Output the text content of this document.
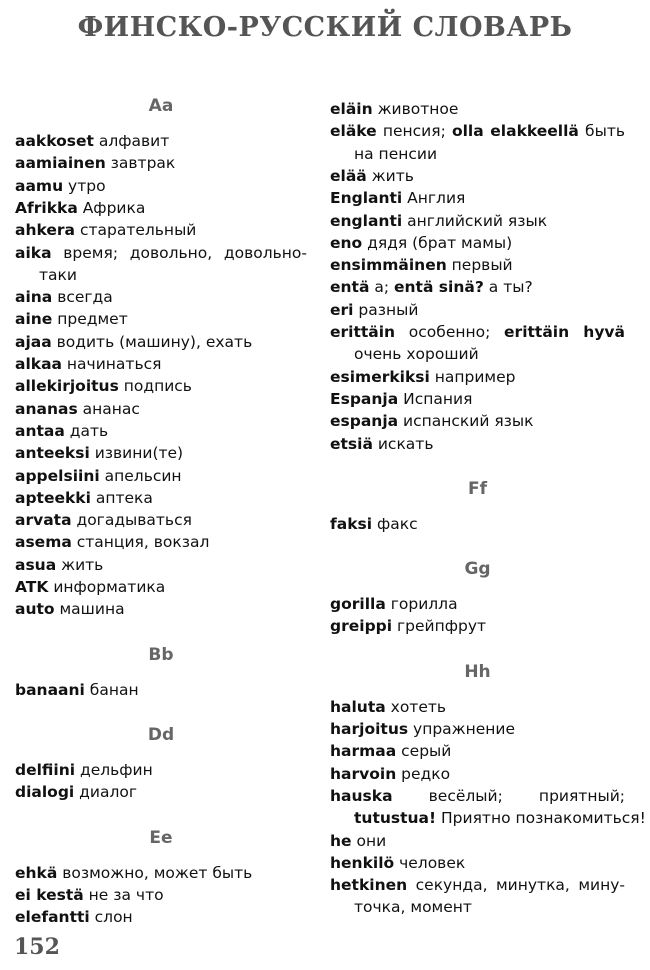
ФИНСКО-РУССКИЙ СЛОВАРЬ
Aa
aakkoset алфавит
aamiainen завтрак
aamu утро
Afrikka Африка
ahkera старательный
aika время; довольно, довольно-
таки
aina всегда
aine предмет
ajaa водить (машину), ехать
alkaa начинаться
allekirjoitus подпись
ananas ананас
antaa дать
anteeksi извини(те)
appelsiini апельсин
apteekki аптека
arvata догадываться
asema станция, вокзал
asua жить
ATK информатика
auto машина
Bb
banaani банан
Dd
delfiini дельфин
dialogi диалог
Ee
ehkä возможно, может быть
ei kestä не за что
elefantti слон
eläin животное
eläke пенсия; olla elakkeellä быть
на пенсии
elää жить
Englanti Англия
englanti английский язык
eno дядя (брат мамы)
ensimmäinen первый
entä а; entä sinä? а ты?
eri разный
erittäin особенно; erittäin hyvä
очень хороший
esimerkiksi например
Espanja Испания
espanja испанский язык
etsiä искать
Ff
faksi факс
Gg
gorilla горилла
greippi грейпфрут
Hh
haluta хотеть
harjoitus упражнение
harmaa серый
harvoin редко
hauska весёлый; приятный;
tutustua! Приятно познакомиться!
he они
henkilö человек
hetkinen секунда, минутка, мину-
точка, момент
152
